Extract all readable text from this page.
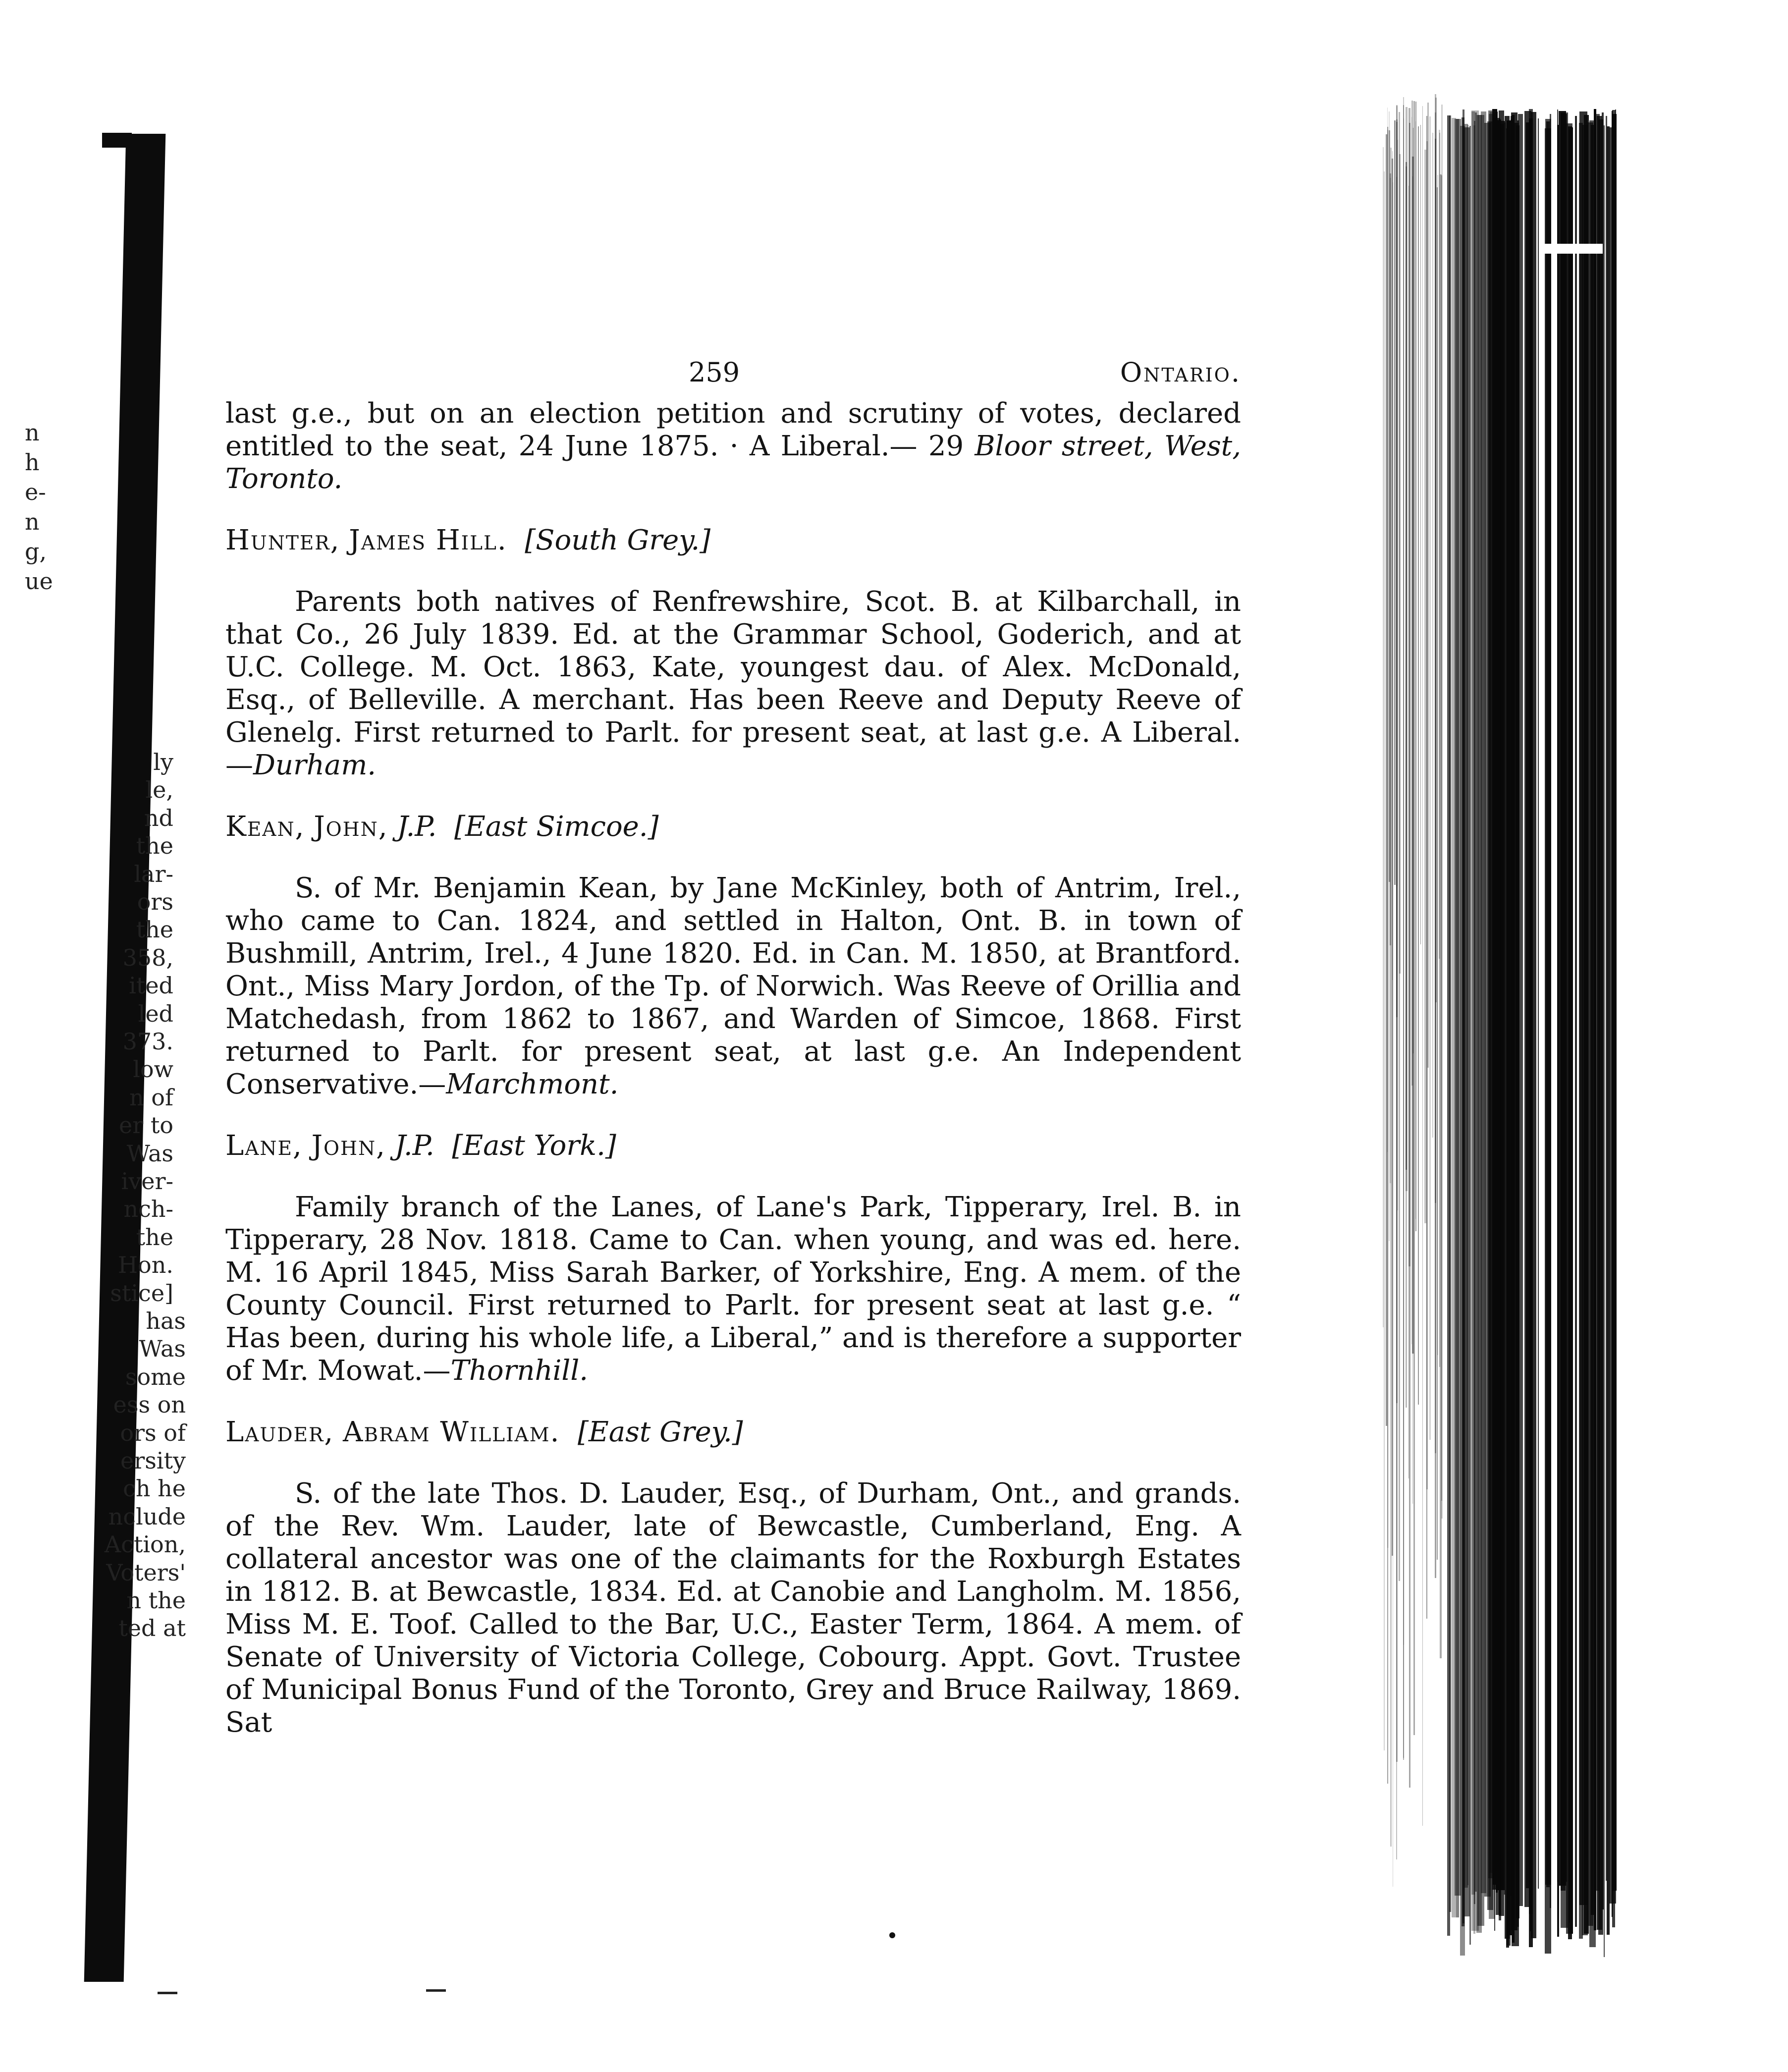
n
h
e-
n
g,
ue
ly
le,
nd
the
lar-
ors
the
358,
ited
led
373.
low
n of
er to
Was
iver-
nch-
the
Hon.
stice]
has
Was
some
ess on
ors of
ersity
ch he
nclude
Action,
Voters'
n the
ted at
259	Ontario.

last g.e., but on an election petition and scrutiny of votes, declared entitled to the seat, 24 June 1875. · A Liberal.— 29 Bloor street, West, Toronto.

Hunter, James Hill. [South Grey.]

Parents both natives of Renfrewshire, Scot. B. at Kilbarchall, in that Co., 26 July 1839. Ed. at the Grammar School, Goderich, and at U.C. College. M. Oct. 1863, Kate, youngest dau. of Alex. McDonald, Esq., of Belleville. A merchant. Has been Reeve and Deputy Reeve of Glenelg. First returned to Parlt. for present seat, at last g.e. A Liberal.—Durham.

Kean, John, J.P. [East Simcoe.]

S. of Mr. Benjamin Kean, by Jane McKinley, both of Antrim, Irel., who came to Can. 1824, and settled in Halton, Ont. B. in town of Bushmill, Antrim, Irel., 4 June 1820. Ed. in Can. M. 1850, at Brantford. Ont., Miss Mary Jordon, of the Tp. of Norwich. Was Reeve of Orillia and Matchedash, from 1862 to 1867, and Warden of Simcoe, 1868. First returned to Parlt. for present seat, at last g.e. An Independent Conservative.—Marchmont.

Lane, John, J.P. [East York.]

Family branch of the Lanes, of Lane's Park, Tipperary, Irel. B. in Tipperary, 28 Nov. 1818. Came to Can. when young, and was ed. here. M. 16 April 1845, Miss Sarah Barker, of Yorkshire, Eng. A mem. of the County Council. First returned to Parlt. for present seat at last g.e. “ Has been, during his whole life, a Liberal,” and is therefore a supporter of Mr. Mowat.—Thornhill.

Lauder, Abram William. [East Grey.]

S. of the late Thos. D. Lauder, Esq., of Durham, Ont., and grands. of the Rev. Wm. Lauder, late of Bewcastle, Cumberland, Eng. A collateral ancestor was one of the claimants for the Roxburgh Estates in 1812. B. at Bewcastle, 1834. Ed. at Canobie and Langholm. M. 1856, Miss M. E. Toof. Called to the Bar, U.C., Easter Term, 1864. A mem. of Senate of University of Victoria College, Cobourg. Appt. Govt. Trustee of Municipal Bonus Fund of the Toronto, Grey and Bruce Railway, 1869. Sat
